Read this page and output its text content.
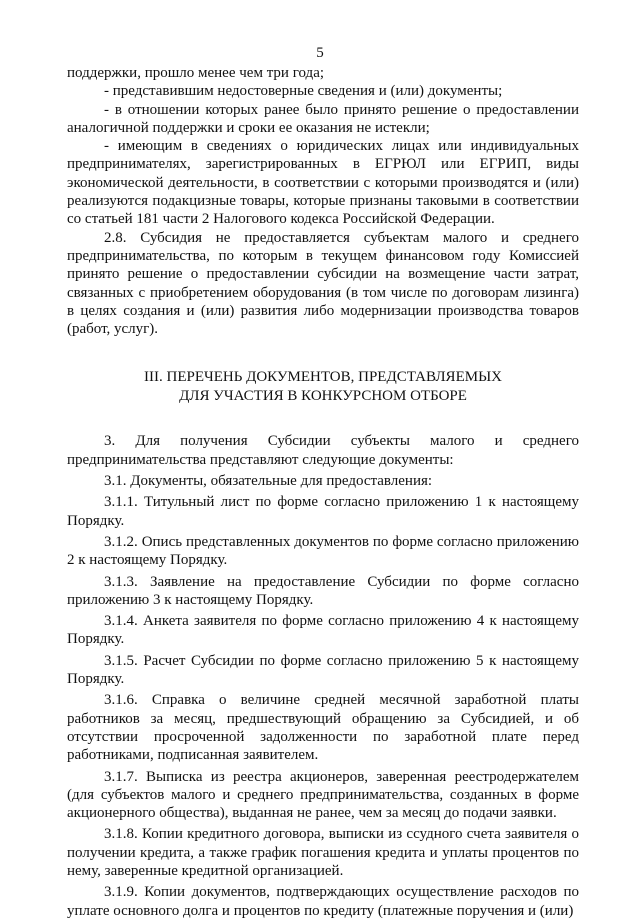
5

поддержки, прошло менее чем три года;

- представившим недостоверные сведения и (или) документы;

- в отношении которых ранее было принято решение о предоставлении аналогичной поддержки и сроки ее оказания не истекли;

- имеющим в сведениях о юридических лицах или индивидуальных предпринимателях, зарегистрированных в ЕГРЮЛ или ЕГРИП, виды экономической деятельности, в соответствии с которыми производятся и (или) реализуются подакцизные товары, которые признаны таковыми в соответствии со статьей 181 части 2 Налогового кодекса Российской Федерации.

2.8. Субсидия не предоставляется субъектам малого и среднего предпринимательства, по которым в текущем финансовом году Комиссией принято решение о предоставлении субсидии на возмещение части затрат, связанных с приобретением оборудования (в том числе по договорам лизинга) в целях создания и (или) развития либо модернизации производства товаров (работ, услуг).

III. ПЕРЕЧЕНЬ ДОКУМЕНТОВ, ПРЕДСТАВЛЯЕМЫХ
ДЛЯ УЧАСТИЯ В КОНКУРСНОМ ОТБОРЕ

3. Для получения Субсидии субъекты малого и среднего предпринимательства представляют следующие документы:

3.1. Документы, обязательные для предоставления:

3.1.1. Титульный лист по форме согласно приложению 1 к настоящему Порядку.

3.1.2. Опись представленных документов по форме согласно приложению 2 к настоящему Порядку.

3.1.3. Заявление на предоставление Субсидии по форме согласно приложению 3 к настоящему Порядку.

3.1.4. Анкета заявителя по форме согласно приложению 4 к настоящему Порядку.

3.1.5. Расчет Субсидии по форме согласно приложению 5 к настоящему Порядку.

3.1.6. Справка о величине средней месячной заработной платы работников за месяц, предшествующий обращению за Субсидией, и об отсутствии просроченной задолженности по заработной плате перед работниками, подписанная заявителем.

3.1.7. Выписка из реестра акционеров, заверенная реестродержателем (для субъектов малого и среднего предпринимательства, созданных в форме акционерного общества), выданная не ранее, чем за месяц до подачи заявки.

3.1.8. Копии кредитного договора, выписки из ссудного счета заявителя о получении кредита, а также график погашения кредита и уплаты процентов по нему, заверенные кредитной организацией.

3.1.9. Копии документов, подтверждающих осуществление расходов по уплате основного долга и процентов по кредиту (платежные поручения и (или)
